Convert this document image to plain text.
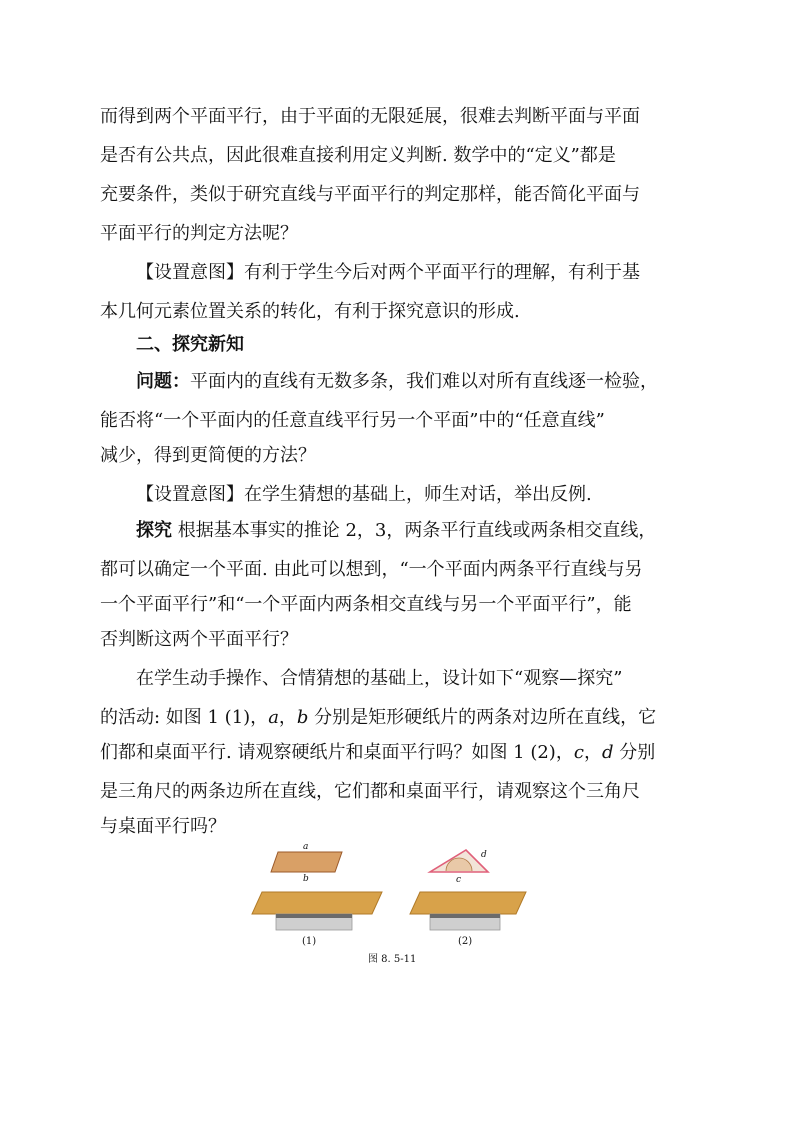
而得到两个平面平行，由于平面的无限延展，很难去判断平面与平面
是否有公共点，因此很难直接利用定义判断. 数学中的“定义”都是
充要条件，类似于研究直线与平面平行的判定那样，能否简化平面与
平面平行的判定方法呢？
【设置意图】有利于学生今后对两个平面平行的理解，有利于基
本几何元素位置关系的转化，有利于探究意识的形成.
二、探究新知
问题：平面内的直线有无数多条，我们难以对所有直线逐一检验，
能否将“一个平面内的任意直线平行另一个平面”中的“任意直线”
减少，得到更简便的方法？
【设置意图】在学生猜想的基础上，师生对话，举出反例.
探究 根据基本事实的推论 2，3，两条平行直线或两条相交直线，
都可以确定一个平面. 由此可以想到，“一个平面内两条平行直线与另
一个平面平行”和“一个平面内两条相交直线与另一个平面平行”，能
否判断这两个平面平行？
在学生动手操作、合情猜想的基础上，设计如下“观察—探究”
的活动: 如图 1 (1)，a，b 分别是矩形硬纸片的两条对边所在直线，它
们都和桌面平行. 请观察硬纸片和桌面平行吗？如图 1 (2)，c，d 分别
是三角尺的两条边所在直线，它们都和桌面平行，请观察这个三角尺
与桌面平行吗？
a
b	c
d
(1)	(2)
图 8. 5-11
